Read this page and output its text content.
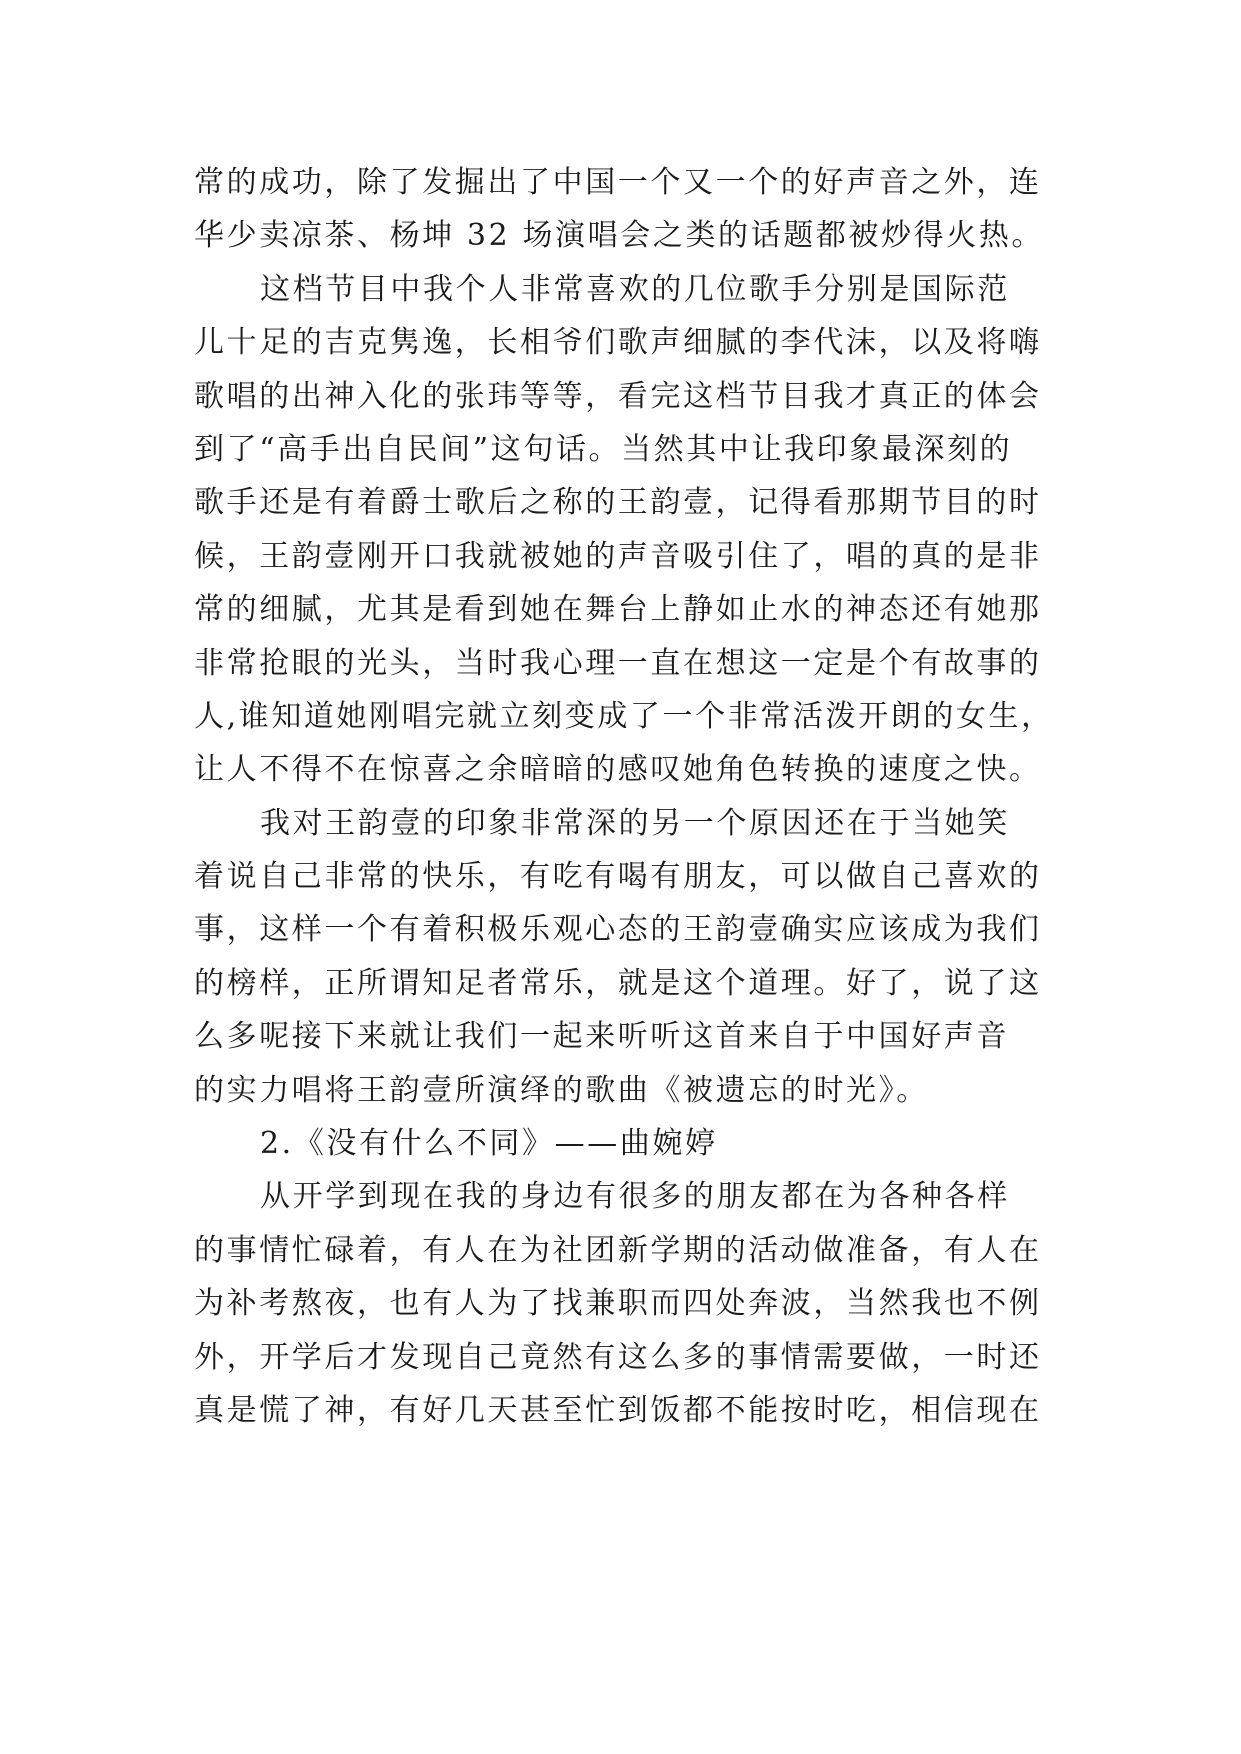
常的成功，除了发掘出了中国一个又一个的好声音之外，连
华少卖凉茶、杨坤 32 场演唱会之类的话题都被炒得火热。
这档节目中我个人非常喜欢的几位歌手分别是国际范
儿十足的吉克隽逸，长相爷们歌声细腻的李代沫，以及将嗨
歌唱的出神入化的张玮等等，看完这档节目我才真正的体会
到了“高手出自民间”这句话。当然其中让我印象最深刻的
歌手还是有着爵士歌后之称的王韵壹，记得看那期节目的时
候，王韵壹刚开口我就被她的声音吸引住了，唱的真的是非
常的细腻，尤其是看到她在舞台上静如止水的神态还有她那
非常抢眼的光头，当时我心理一直在想这一定是个有故事的
人,谁知道她刚唱完就立刻变成了一个非常活泼开朗的女生，
让人不得不在惊喜之余暗暗的感叹她角色转换的速度之快。
我对王韵壹的印象非常深的另一个原因还在于当她笑
着说自己非常的快乐，有吃有喝有朋友，可以做自己喜欢的
事，这样一个有着积极乐观心态的王韵壹确实应该成为我们
的榜样，正所谓知足者常乐，就是这个道理。好了，说了这
么多呢接下来就让我们一起来听听这首来自于中国好声音
的实力唱将王韵壹所演绎的歌曲《被遗忘的时光》。
2.《没有什么不同》——曲婉婷
从开学到现在我的身边有很多的朋友都在为各种各样
的事情忙碌着，有人在为社团新学期的活动做准备，有人在
为补考熬夜，也有人为了找兼职而四处奔波，当然我也不例
外，开学后才发现自己竟然有这么多的事情需要做，一时还
真是慌了神，有好几天甚至忙到饭都不能按时吃，相信现在
